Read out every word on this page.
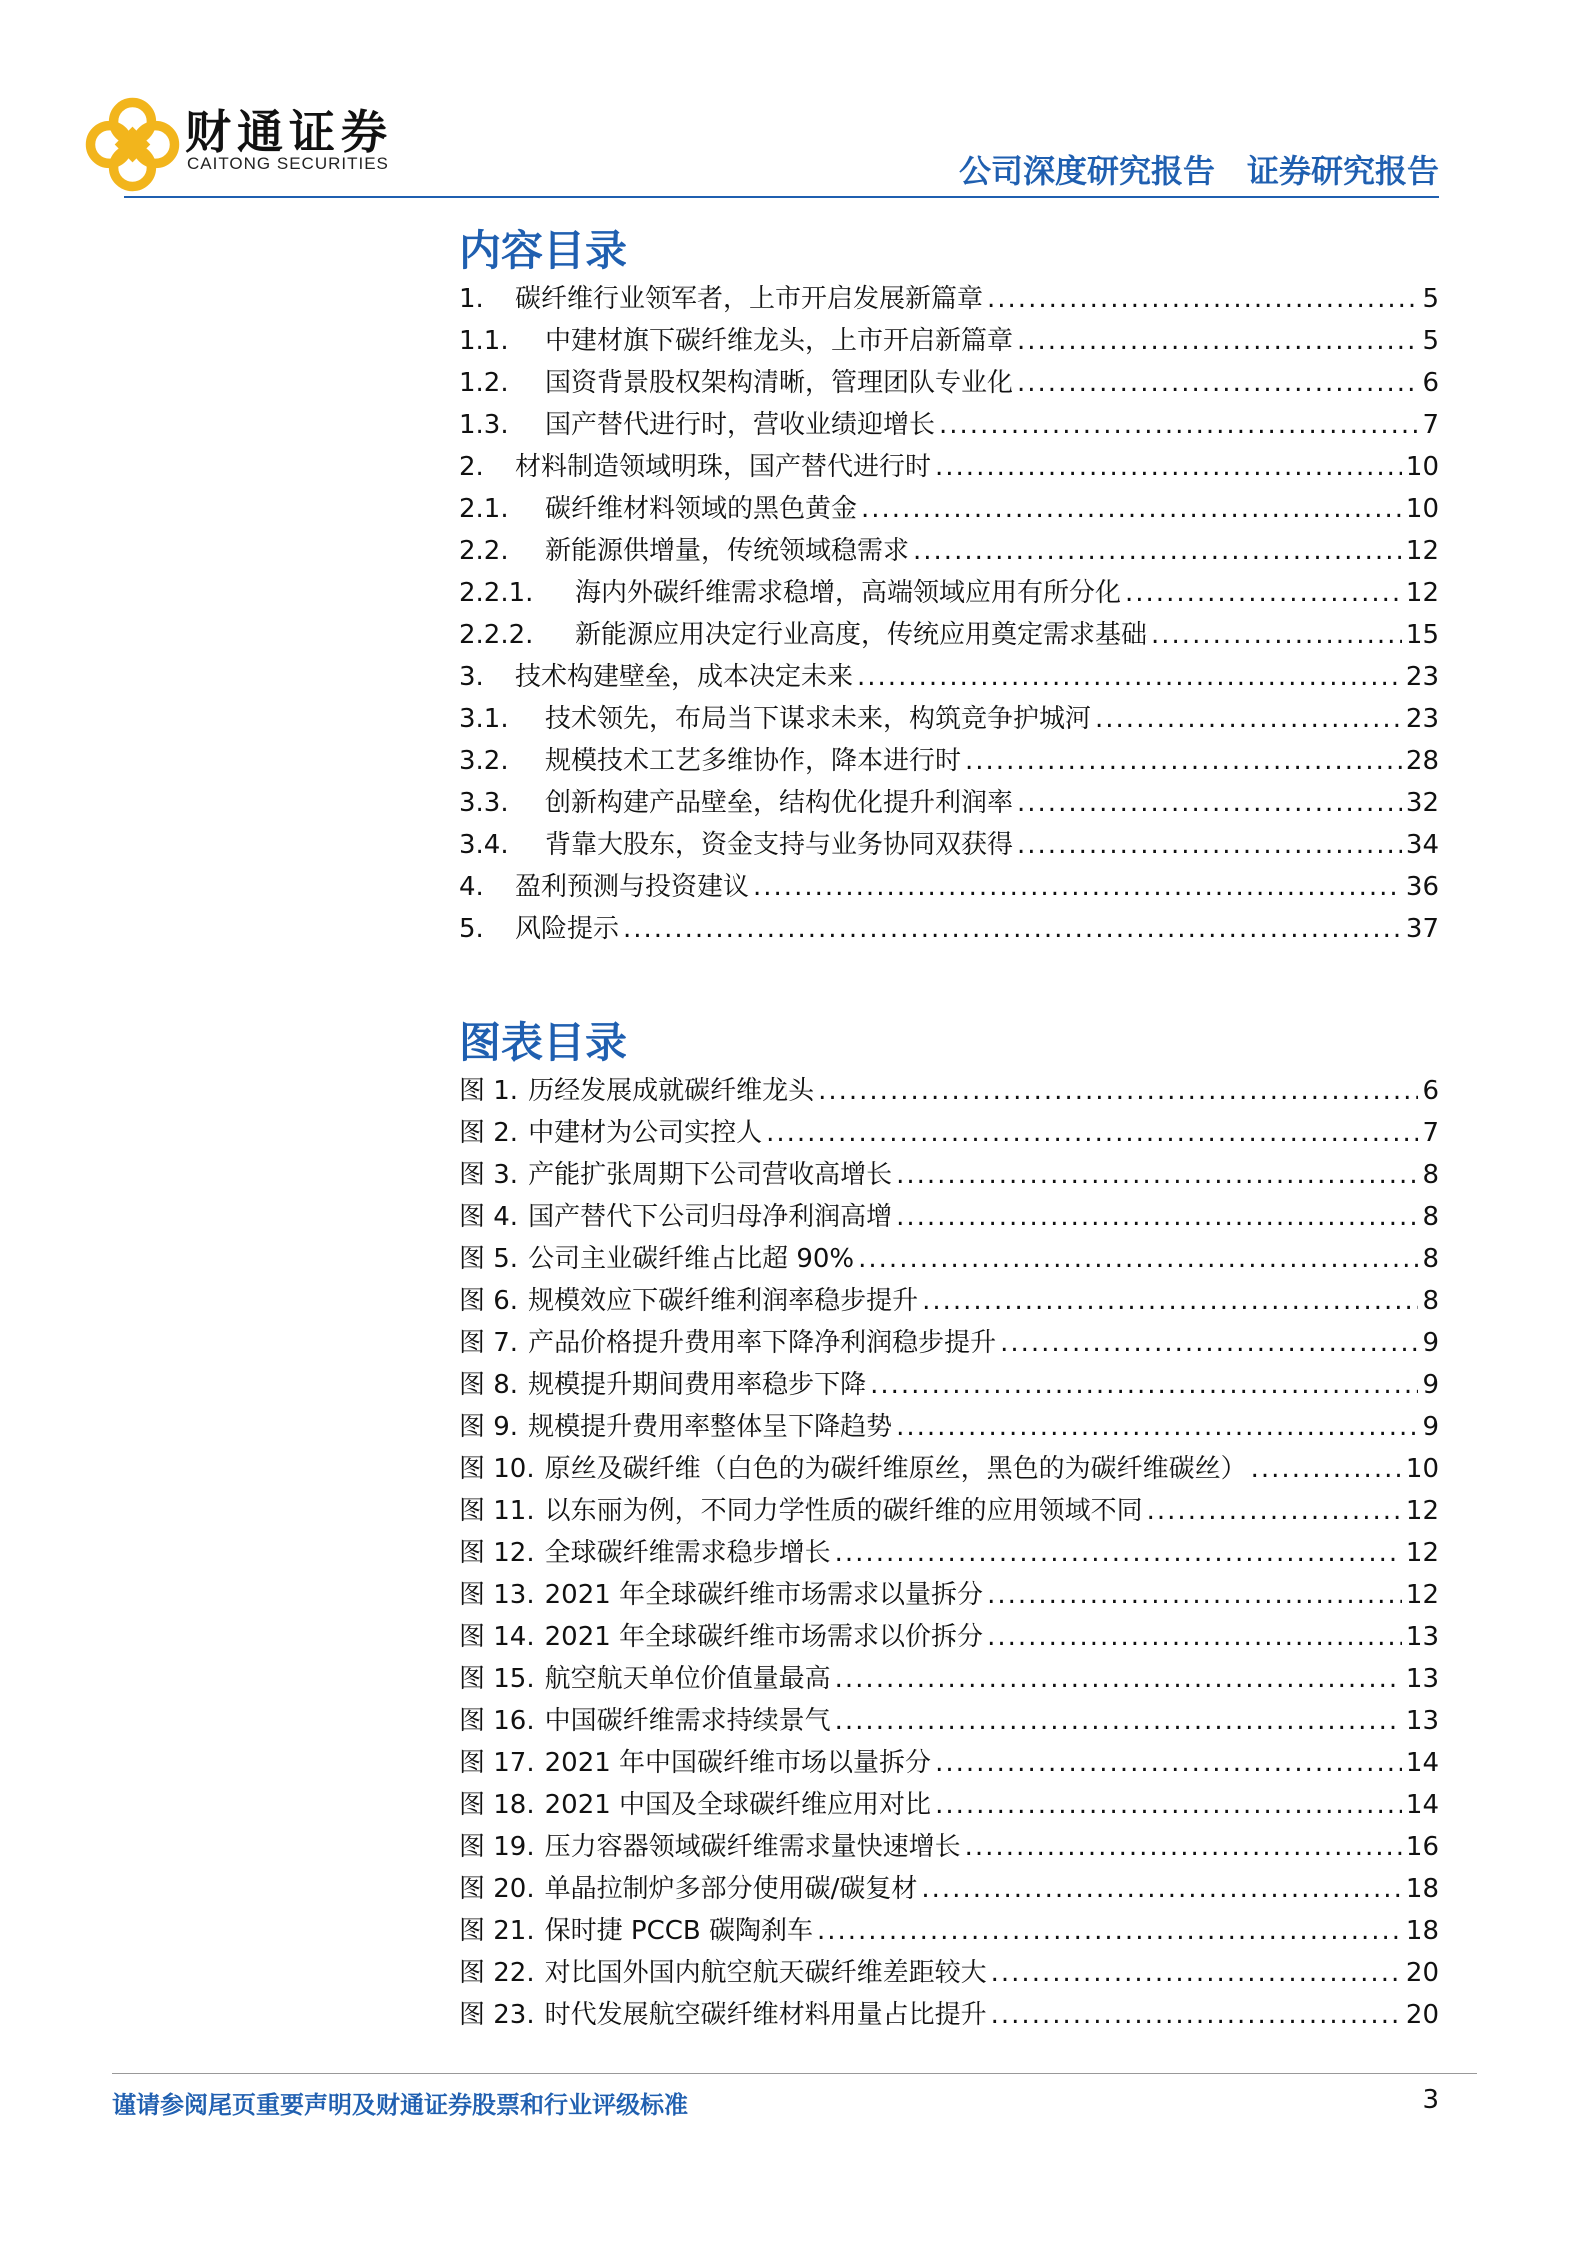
财通证券
CAITONG SECURITIES	公司深度研究报告 证券研究报告
内容目录
1.	碳纤维行业领军者，上市开启发展新篇章 .....	5
1.1.	中建材旗下碳纤维龙头，上市开启新篇章 .....	5
1.2.	国资背景股权架构清晰，管理团队专业化 .....	6
1.3.	国产替代进行时，营收业绩迎增长 .....	7
2.	材料制造领域明珠，国产替代进行时 .....	10
2.1.	碳纤维材料领域的黑色黄金 .....	10
2.2.	新能源供增量，传统领域稳需求 .....	12
2.2.1.	海内外碳纤维需求稳增，高端领域应用有所分化 .....	12
2.2.2.	新能源应用决定行业高度，传统应用奠定需求基础 .....	15
3.	技术构建壁垒，成本决定未来 .....	23
3.1.	技术领先，布局当下谋求未来，构筑竞争护城河 .....	23
3.2.	规模技术工艺多维协作，降本进行时 .....	28
3.3.	创新构建产品壁垒，结构优化提升利润率 .....	32
3.4.	背靠大股东，资金支持与业务协同双获得 .....	34
4.	盈利预测与投资建议 .....	36
5.	风险提示 .....	37
图表目录
图 1. 历经发展成就碳纤维龙头 .....	6
图 2. 中建材为公司实控人 .....	7
图 3. 产能扩张周期下公司营收高增长 .....	8
图 4. 国产替代下公司归母净利润高增 .....	8
图 5. 公司主业碳纤维占比超 90% .....	8
图 6. 规模效应下碳纤维利润率稳步提升 .....	8
图 7. 产品价格提升费用率下降净利润稳步提升 .....	9
图 8. 规模提升期间费用率稳步下降 .....	9
图 9. 规模提升费用率整体呈下降趋势 .....	9
图 10. 原丝及碳纤维（白色的为碳纤维原丝，黑色的为碳纤维碳丝） .....	10
图 11. 以东丽为例，不同力学性质的碳纤维的应用领域不同 .....	12
图 12. 全球碳纤维需求稳步增长 .....	12
图 13. 2021 年全球碳纤维市场需求以量拆分 .....	12
图 14. 2021 年全球碳纤维市场需求以价拆分 .....	13
图 15. 航空航天单位价值量最高 .....	13
图 16. 中国碳纤维需求持续景气 .....	13
图 17. 2021 年中国碳纤维市场以量拆分 .....	14
图 18. 2021 中国及全球碳纤维应用对比 .....	14
图 19. 压力容器领域碳纤维需求量快速增长 .....	16
图 20. 单晶拉制炉多部分使用碳/碳复材 .....	18
图 21. 保时捷 PCCB 碳陶刹车 .....	18
图 22. 对比国外国内航空航天碳纤维差距较大 .....	20
图 23. 时代发展航空碳纤维材料用量占比提升 .....	20
谨请参阅尾页重要声明及财通证券股票和行业评级标准	3
